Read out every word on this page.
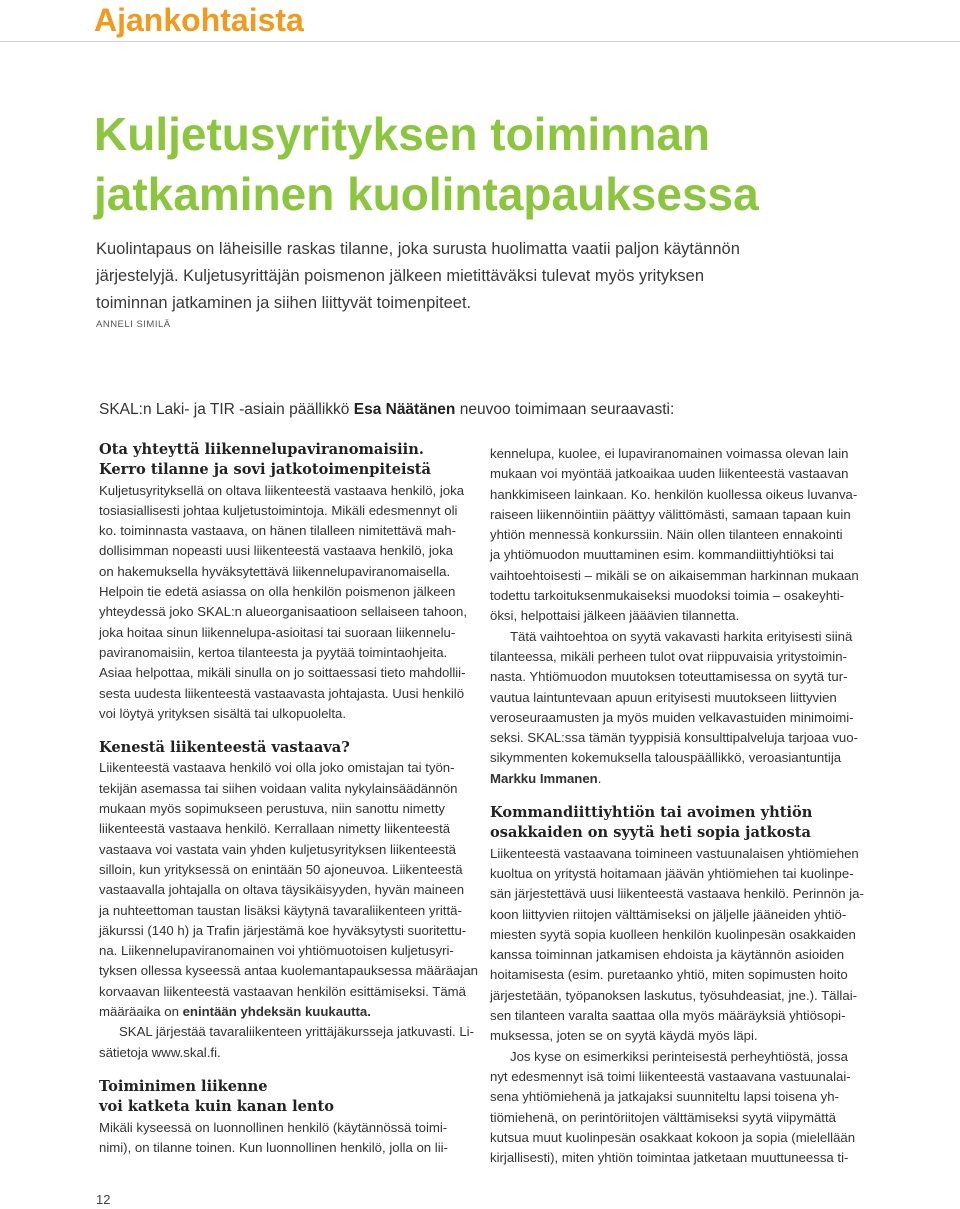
Ajankohtaista
Kuljetusyrityksen toiminnan
jatkaminen kuolintapauksessa
Kuolintapaus on läheisille raskas tilanne, joka surusta huolimatta vaatii paljon käytännön
järjestelyjä. Kuljetusyrittäjän poismenon jälkeen mietittäväksi tulevat myös yrityksen
toiminnan jatkaminen ja siihen liittyvät toimenpiteet.
ANNELI SIMILÄ
SKAL:n Laki- ja TIR -asiain päällikkö Esa Näätänen neuvoo toimimaan seuraavasti:
Ota yhteyttä liikennelupaviranomaisiin.
Kerro tilanne ja sovi jatkotoimenpiteistä
Kuljetusyrityksellä on oltava liikenteestä vastaava henkilö, joka
tosiasiallisesti johtaa kuljetustoimintoja. Mikäli edesmennyt oli
ko. toiminnasta vastaava, on hänen tilalleen nimitettävä mah-
dollisimman nopeasti uusi liikenteestä vastaava henkilö, joka
on hakemuksella hyväksytettävä liikennelupaviranomaisella.
Helpoin tie edetä asiassa on olla henkilön poismenon jälkeen
yhteydessä joko SKAL:n alueorganisaatioon sellaiseen tahoon,
joka hoitaa sinun liikennelupa-asioitasi tai suoraan liikennelu-
paviranomaisiin, kertoa tilanteesta ja pyytää toimintaohjeita.
Asiaa helpottaa, mikäli sinulla on jo soittaessasi tieto mahdollii-
sesta uudesta liikenteestä vastaavasta johtajasta. Uusi henkilö
voi löytyä yrityksen sisältä tai ulkopuolelta.
Kenestä liikenteestä vastaava?
Liikenteestä vastaava henkilö voi olla joko omistajan tai työn-
tekijän asemassa tai siihen voidaan valita nykylainsäädännön
mukaan myös sopimukseen perustuva, niin sanottu nimetty
liikenteestä vastaava henkilö. Kerrallaan nimetty liikenteestä
vastaava voi vastata vain yhden kuljetusyrityksen liikenteestä
silloin, kun yrityksessä on enintään 50 ajoneuvoa. Liikenteestä
vastaavalla johtajalla on oltava täysikäisyyden, hyvän maineen
ja nuhteettoman taustan lisäksi käytynä tavaraliikenteen yrittä-
jäkurssi (140 h) ja Trafin järjestämä koe hyväksytysti suoritettu-
na. Liikennelupaviranomainen voi yhtiömuotoisen kuljetusyri-
tyksen ollessa kyseessä antaa kuolemantapauksessa määräajan
korvaavan liikenteestä vastaavan henkilön esittämiseksi. Tämä
määräaika on enintään yhdeksän kuukautta.
SKAL järjestää tavaraliikenteen yrittäjäkursseja jatkuvasti. Li-
sätietoja www.skal.fi.
Toiminimen liikenne
voi katketa kuin kanan lento
Mikäli kyseessä on luonnollinen henkilö (käytännössä toimi-
nimi), on tilanne toinen. Kun luonnollinen henkilö, jolla on lii-
kennelupa, kuolee, ei lupaviranomainen voimassa olevan lain
mukaan voi myöntää jatkoaikaa uuden liikenteestä vastaavan
hankkimiseen lainkaan. Ko. henkilön kuollessa oikeus luvanva-
raiseen liikennöintiin päättyy välittömästi, samaan tapaan kuin
yhtiön mennessä konkurssiin. Näin ollen tilanteen ennakointi
ja yhtiömuodon muuttaminen esim. kommandiittiyhtiöksi tai
vaihtoehtoisesti – mikäli se on aikaisemman harkinnan mukaan
todettu tarkoituksenmukaiseksi muodoksi toimia – osakeyhti-
öksi, helpottaisi jälkeen jääävien tilannetta.
Tätä vaihtoehtoa on syytä vakavasti harkita erityisesti siinä
tilanteessa, mikäli perheen tulot ovat riippuvaisia yritystoimin-
nasta. Yhtiömuodon muutoksen toteuttamisessa on syytä tur-
vautua laintuntevaan apuun erityisesti muutokseen liittyvien
veroseuraamusten ja myös muiden velkavastuiden minimoimi-
seksi. SKAL:ssa tämän tyyppisiä konsulttipalveluja tarjoaa vuo-
sikymmenten kokemuksella talouspäällikkö, veroasiantuntija
Markku Immanen.
Kommandiittiyhtiön tai avoimen yhtiön
osakkaiden on syytä heti sopia jatkosta
Liikenteestä vastaavana toimineen vastuunalaisen yhtiömiehen
kuoltua on yritystä hoitamaan jäävän yhtiömiehen tai kuolinpe-
sän järjestettävä uusi liikenteestä vastaava henkilö. Perinnön ja-
koon liittyvien riitojen välttämiseksi on jäljelle jääneiden yhtiö-
miesten syytä sopia kuolleen henkilön kuolinpesän osakkaiden
kanssa toiminnan jatkamisen ehdoista ja käytännön asioiden
hoitamisesta (esim. puretaanko yhtiö, miten sopimusten hoito
järjestetään, työpanoksen laskutus, työsuhdeasiat, jne.). Tällai-
sen tilanteen varalta saattaa olla myös määräyksiä yhtiösopi-
muksessa, joten se on syytä käydä myös läpi.
Jos kyse on esimerkiksi perinteisestä perheyhtiöstä, jossa
nyt edesmennyt isä toimi liikenteestä vastaavana vastuunalai-
sena yhtiömiehenä ja jatkajaksi suunniteltu lapsi toisena yh-
tiömiehenä, on perintöriitojen välttämiseksi syytä viipymättä
kutsua muut kuolinpesän osakkaat kokoon ja sopia (mielellään
kirjallisesti), miten yhtiön toimintaa jatketaan muuttuneessa ti-
12
